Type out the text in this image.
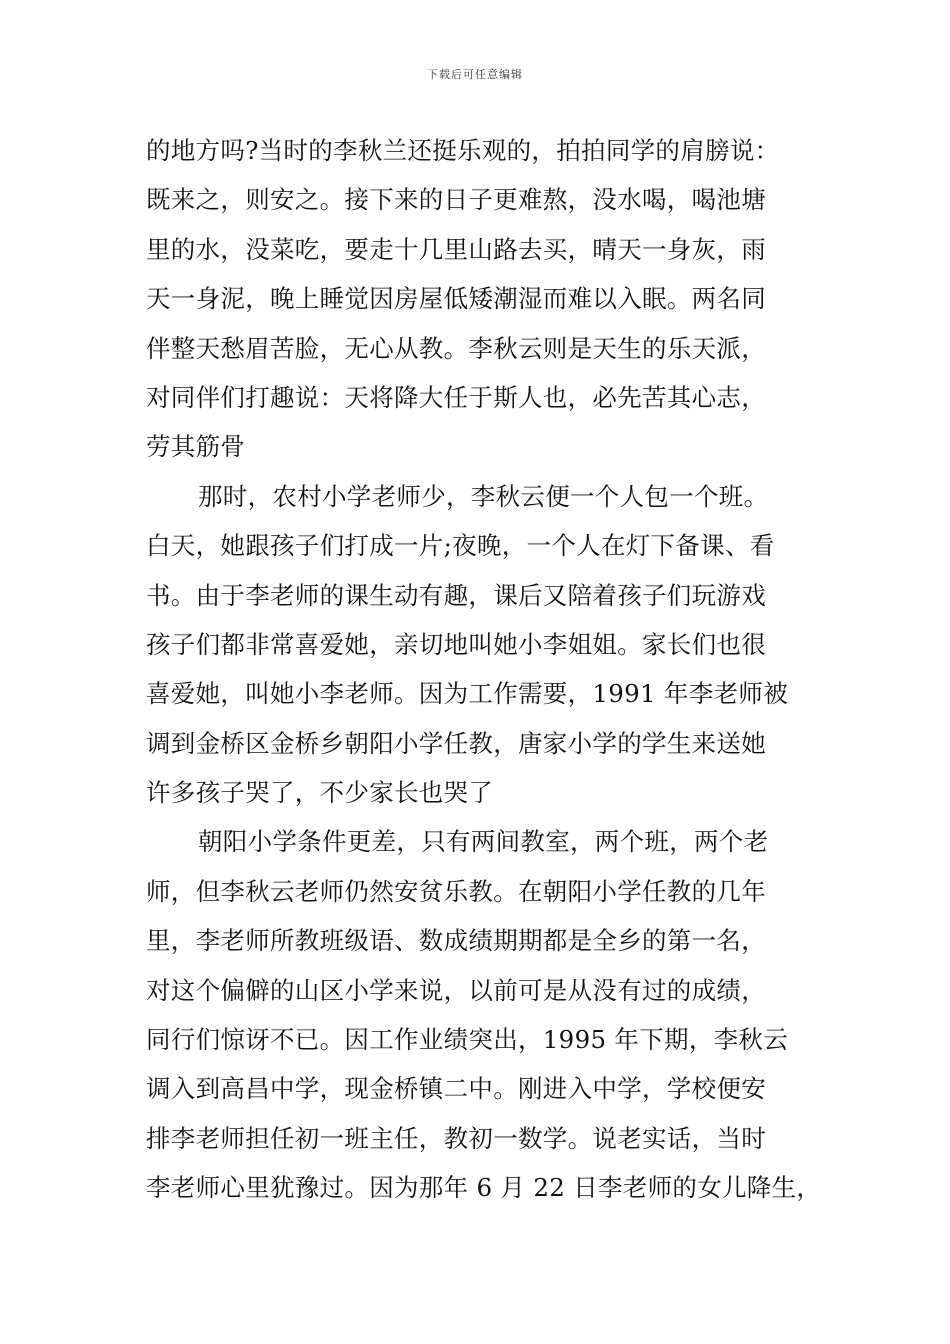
下载后可任意编辑
的地方吗?当时的李秋兰还挺乐观的，拍拍同学的肩膀说：
既来之，则安之。接下来的日子更难熬，没水喝，喝池塘
里的水，没菜吃，要走十几里山路去买，晴天一身灰，雨
天一身泥，晚上睡觉因房屋低矮潮湿而难以入眠。两名同
伴整天愁眉苦脸，无心从教。李秋云则是天生的乐天派，
对同伴们打趣说：天将降大任于斯人也，必先苦其心志，
劳其筋骨
那时，农村小学老师少，李秋云便一个人包一个班。
白天，她跟孩子们打成一片;夜晚，一个人在灯下备课、看
书。由于李老师的课生动有趣，课后又陪着孩子们玩游戏
孩子们都非常喜爱她，亲切地叫她小李姐姐。家长们也很
喜爱她，叫她小李老师。因为工作需要，1991 年李老师被
调到金桥区金桥乡朝阳小学任教，唐家小学的学生来送她
许多孩子哭了，不少家长也哭了
朝阳小学条件更差，只有两间教室，两个班，两个老
师，但李秋云老师仍然安贫乐教。在朝阳小学任教的几年
里，李老师所教班级语、数成绩期期都是全乡的第一名，
对这个偏僻的山区小学来说，以前可是从没有过的成绩，
同行们惊讶不已。因工作业绩突出，1995 年下期，李秋云
调入到高昌中学，现金桥镇二中。刚进入中学，学校便安
排李老师担任初一班主任，教初一数学。说老实话，当时
李老师心里犹豫过。因为那年 6 月 22 日李老师的女儿降生，
